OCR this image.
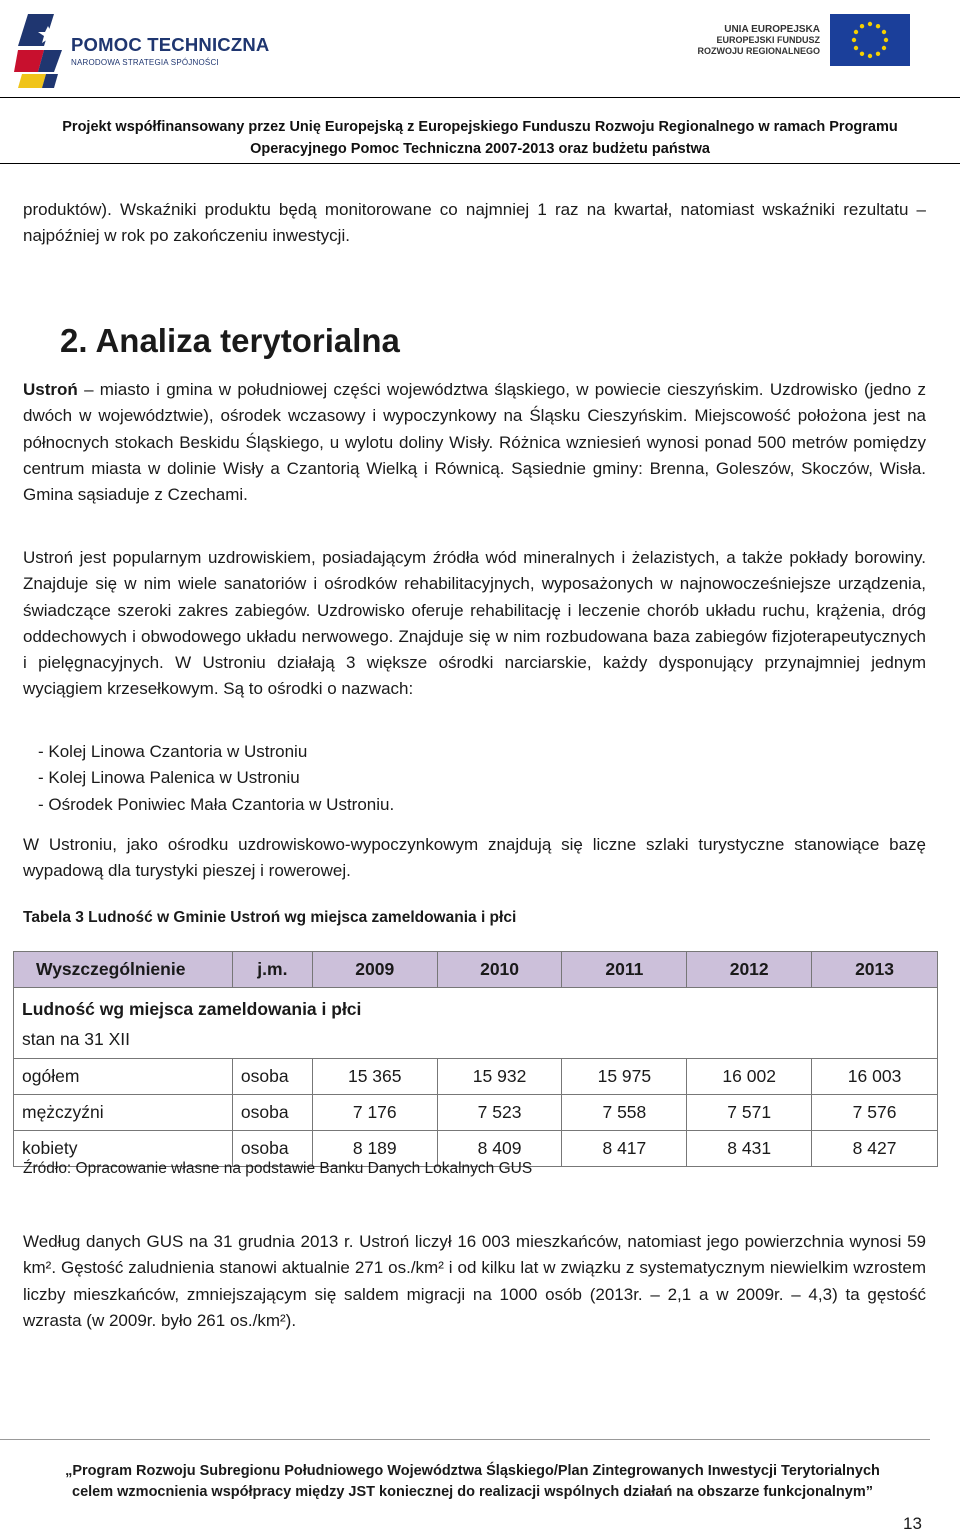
POMOC TECHNICZNA
NARODOWA STRATEGIA SPÓJNOŚCI
UNIA EUROPEJSKA
EUROPEJSKI FUNDUSZ
ROZWOJU REGIONALNEGO
Projekt współfinansowany przez Unię Europejską z Europejskiego Funduszu Rozwoju Regionalnego w ramach Programu
Operacyjnego Pomoc Techniczna 2007-2013 oraz budżetu państwa
produktów). Wskaźniki produktu będą monitorowane co najmniej 1 raz na kwartał, natomiast wskaźniki rezultatu – najpóźniej w rok po zakończeniu inwestycji.
2. Analiza terytorialna
Ustroń – miasto i gmina w południowej części województwa śląskiego, w powiecie cieszyńskim. Uzdrowisko (jedno z dwóch w województwie), ośrodek wczasowy i wypoczynkowy na Śląsku Cieszyńskim. Miejscowość położona jest na północnych stokach Beskidu Śląskiego, u wylotu doliny Wisły. Różnica wzniesień wynosi ponad 500 metrów pomiędzy centrum miasta w dolinie Wisły a Czantorią Wielką i Równicą. Sąsiednie gminy: Brenna, Goleszów, Skoczów, Wisła. Gmina sąsiaduje z Czechami.
Ustroń jest popularnym uzdrowiskiem, posiadającym źródła wód mineralnych i żelazistych, a także pokłady borowiny. Znajduje się w nim wiele sanatoriów i ośrodków rehabilitacyjnych, wyposażonych w najnowocześniejsze urządzenia, świadczące szeroki zakres zabiegów. Uzdrowisko oferuje rehabilitację i leczenie chorób układu ruchu, krążenia, dróg oddechowych i obwodowego układu nerwowego. Znajduje się w nim rozbudowana baza zabiegów fizjoterapeutycznych i pielęgnacyjnych. W Ustroniu działają 3 większe ośrodki narciarskie, każdy dysponujący przynajmniej jednym wyciągiem krzesełkowym. Są to ośrodki o nazwach:
- Kolej Linowa Czantoria w Ustroniu
- Kolej Linowa Palenica w Ustroniu
- Ośrodek Poniwiec Mała Czantoria w Ustroniu.
W Ustroniu, jako ośrodku uzdrowiskowo-wypoczynkowym znajdują się liczne szlaki turystyczne stanowiące bazę wypadową dla turystyki pieszej i rowerowej.
Tabela 3 Ludność w Gminie Ustroń wg miejsca zameldowania i płci
Wyszczególnienie	j.m.	2009	2010	2011	2012	2013

Ludność wg miejsca zameldowania i płci
stan na 31 XII						

ogółem	osoba	15 365	15 932	15 975	16 002	16 003
mężczyźni	osoba	7 176	7 523	7 558	7 571	7 576
kobiety	osoba	8 189	8 409	8 417	8 431	8 427
Źródło: Opracowanie własne na podstawie Banku Danych Lokalnych GUS
Według danych GUS na 31 grudnia 2013 r. Ustroń liczył 16 003 mieszkańców, natomiast jego powierzchnia wynosi 59 km². Gęstość zaludnienia stanowi aktualnie 271 os./km² i od kilku lat w związku z systematycznym niewielkim wzrostem liczby mieszkańców, zmniejszającym się saldem migracji na 1000 osób (2013r. – 2,1 a w 2009r. – 4,3) ta gęstość wzrasta (w 2009r. było 261 os./km²).
„Program Rozwoju Subregionu Południowego Województwa Śląskiego/Plan Zintegrowanych Inwestycji Terytorialnych
celem wzmocnienia współpracy między JST koniecznej do realizacji wspólnych działań na obszarze funkcjonalnym”
13
